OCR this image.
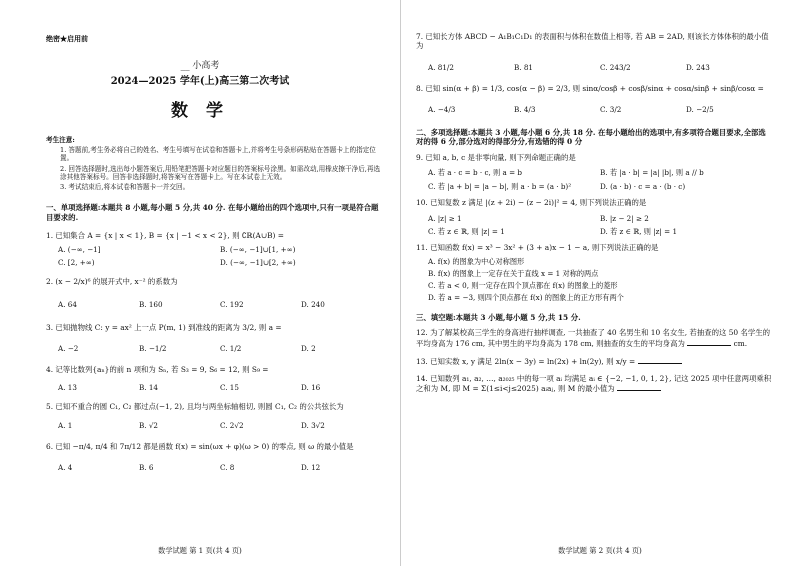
绝密★启用前
__ 小高考
2024—2025 学年(上)高三第二次考试
数 学
考生注意:
1. 答题前,考生务必将自己的姓名、考生号填写在试卷和答题卡上,并将考生号条形码粘贴在答题卡上的指定位置。
2. 回答选择题时,选出每小题答案后,用铅笔把答题卡对应题目的答案标号涂黑。如需改动,用橡皮擦干净后,再选涂其他答案标号。回答非选择题时,将答案写在答题卡上。写在本试卷上无效。
3. 考试结束后,将本试卷和答题卡一并交回。
一、单项选择题:本题共 8 小题,每小题 5 分,共 40 分. 在每小题给出的四个选项中,只有一项是符合题目要求的.
1. 已知集合 A = {x | x < 1}, B = {x | −1 < x < 2}, 则 ∁ℝ(A∪B) =
A. (−∞, −1]	B. (−∞, −1]∪[1, +∞)
C. [2, +∞)	D. (−∞, −1]∪[2, +∞)
2. (x − 2/x)⁶ 的展开式中, x⁻² 的系数为
A. 64	B. 160	C. 192	D. 240
3. 已知抛物线 C: y = ax² 上一点 P(m, 1) 到准线的距离为 3/2, 则 a =
A. −2	B. −1/2	C. 1/2	D. 2
4. 记等比数列{aₙ}的前 n 项和为 Sₙ, 若 S₃ = 9, S₆ = 12, 则 S₉ =
A. 13	B. 14	C. 15	D. 16
5. 已知不重合的圆 C₁, C₂ 都过点(−1, 2), 且均与两坐标轴相切, 则圆 C₁, C₂ 的公共弦长为
A. 1	B. √2	C. 2√2	D. 3√2
6. 已知 −π/4, π/4 和 7π/12 都是函数 f(x) = sin(ωx + φ)(ω > 0) 的零点, 则 ω 的最小值是
A. 4	B. 6	C. 8	D. 12
数学试题 第 1 页(共 4 页)
7. 已知长方体 ABCD − A₁B₁C₁D₁ 的表面积与体积在数值上相等, 若 AB = 2AD, 则该长方体体积的最小值为
A. 81/2	B. 81	C. 243/2	D. 243
8. 已知 sin(α + β) = 1/3, cos(α − β) = 2/3, 则 sinα/cosβ + cosβ/sinα + cosα/sinβ + sinβ/cosα =
A. −4/3	B. 4/3	C. 3/2	D. −2/5
二、多项选择题:本题共 3 小题,每小题 6 分,共 18 分. 在每小题给出的选项中,有多项符合题目要求,全部选对的得 6 分,部分选对的得部分分,有选错的得 0 分
9. 已知 a, b, c 是非零向量, 则下列命题正确的是
A. 若 a · c = b · c, 则 a = b	B. 若 |a · b| = |a| |b|, 则 a // b
C. 若 |a + b| = |a − b|, 则 a · b = (a · b)²	D. (a · b) · c = a · (b · c)
10. 已知复数 z 满足 |(z + 2i) − (z − 2i)|² = 4, 则下列说法正确的是
A. |z| ≥ 1	B. |z − 2| ≥ 2
C. 若 z ∈ ℝ, 则 |z| = 1	D. 若 z ∈ ℝ, 则 |z| = 1
11. 已知函数 f(x) = x³ − 3x² + (3 + a)x − 1 − a, 则下列说法正确的是
A. f(x) 的图象为中心对称图形
B. f(x) 的图象上一定存在关于直线 x = 1 对称的两点
C. 若 a < 0, 则一定存在四个顶点都在 f(x) 的图象上的菱形
D. 若 a = −3, 则四个顶点都在 f(x) 的图象上的正方形有两个
三、填空题:本题共 3 小题,每小题 5 分,共 15 分.
12. 为了解某校高三学生的身高进行抽样调查, 一共抽查了 40 名男生和 10 名女生, 若抽查的这 50 名学生的平均身高为 176 cm, 其中男生的平均身高为 178 cm, 则抽查的女生的平均身高为	cm.
13. 已知实数 x, y 满足 2ln(x − 3y) = ln(2x) + ln(2y), 则 x/y =
14. 已知数列 a₁, a₂, …, a₂₀₂₅ 中的每一项 aᵢ 均满足 aᵢ ∈ {−2, −1, 0, 1, 2}, 记这 2025 项中任意两项乘积之和为 M, 即 M = Σ(1≤i<j≤2025) aᵢaⱼ, 则 M 的最小值为
数学试题 第 2 页(共 4 页)
